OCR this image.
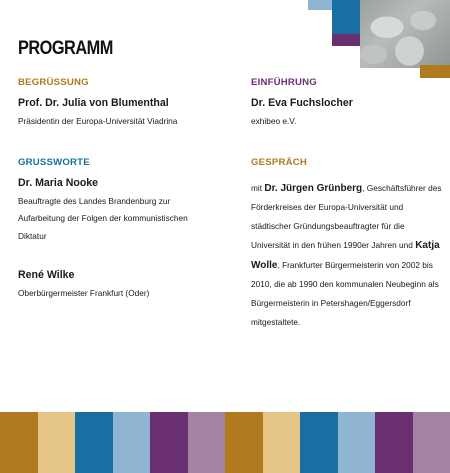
PROGRAMM

BEGRÜSSUNG

Prof. Dr. Julia von Blumenthal

Präsidentin der Europa-Universität Viadrina

GRUSSWORTE

Dr. Maria Nooke

Beauftragte des Landes Brandenburg zur Aufarbeitung der Folgen der kommunistischen Diktatur

René Wilke

Oberbürgermeister Frankfurt (Oder)

EINFÜHRUNG

Dr. Eva Fuchslocher

exhibeo e.V.

GESPRÄCH

mit Dr. Jürgen Grünberg, Geschäftsführer des Förderkreises der Europa-Universität und städtischer Gründungsbeauftragter für die Universität in den frühen 1990er Jahren und Katja Wolle, Frankfurter Bürgermeisterin von 2002 bis 2010, die ab 1990 den kommunalen Neubeginn als Bürgermeisterin in Petershagen/Eggersdorf mitgestaltete.
